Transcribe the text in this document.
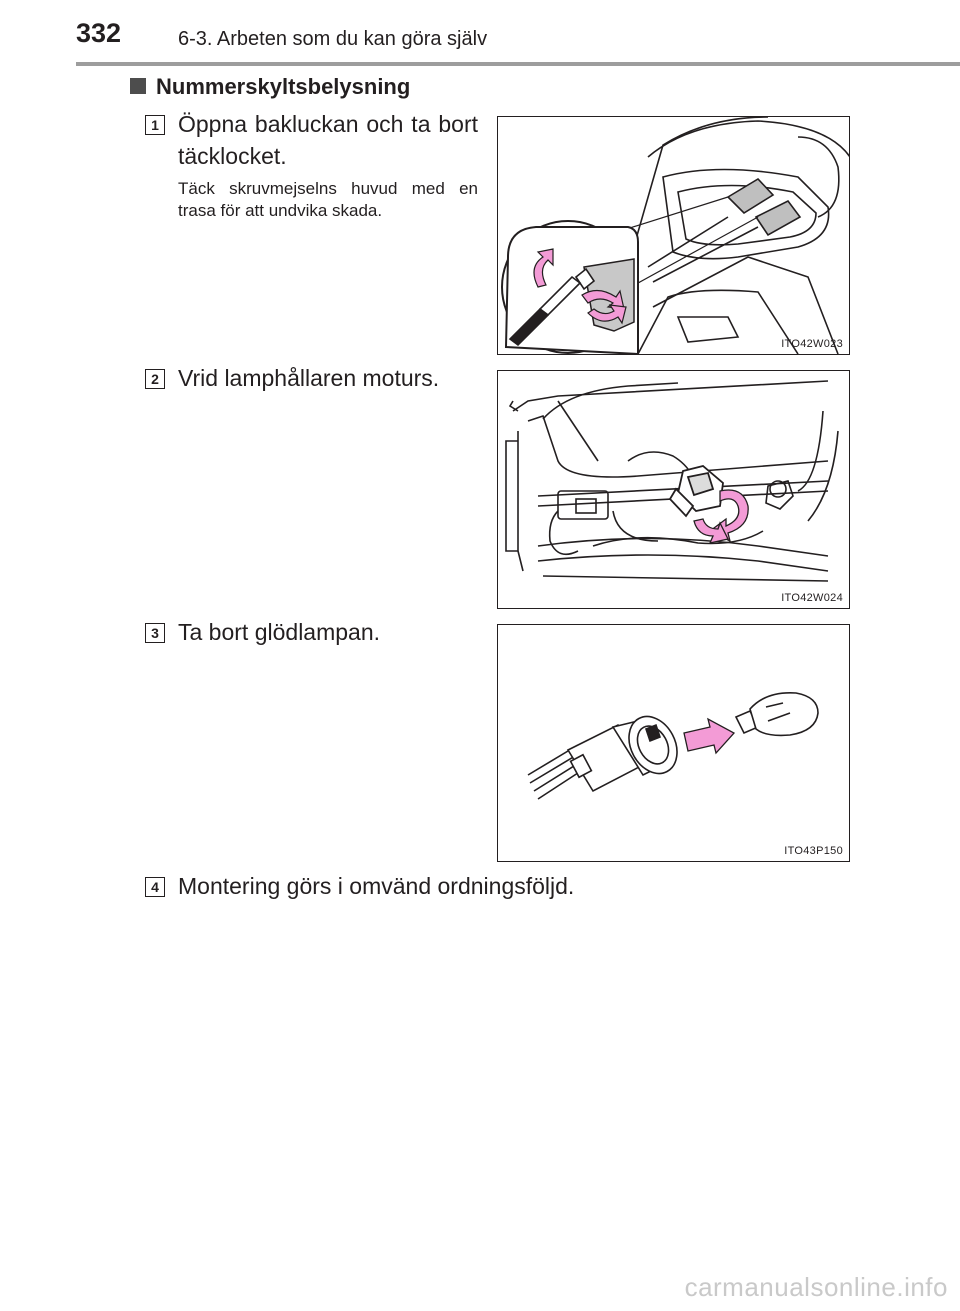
332	6-3. Arbeten som du kan göra själv
Nummerskyltsbelysning
1 Öppna bakluckan och ta bort täcklocket.
Täck skruvmejselns huvud med en trasa för att undvika skada.
ITO42W023
2 Vrid lamphållaren moturs.
ITO42W024
3 Ta bort glödlampan.
ITO43P150
4 Montering görs i omvänd ordningsföljd.
carmanualsonline.info
